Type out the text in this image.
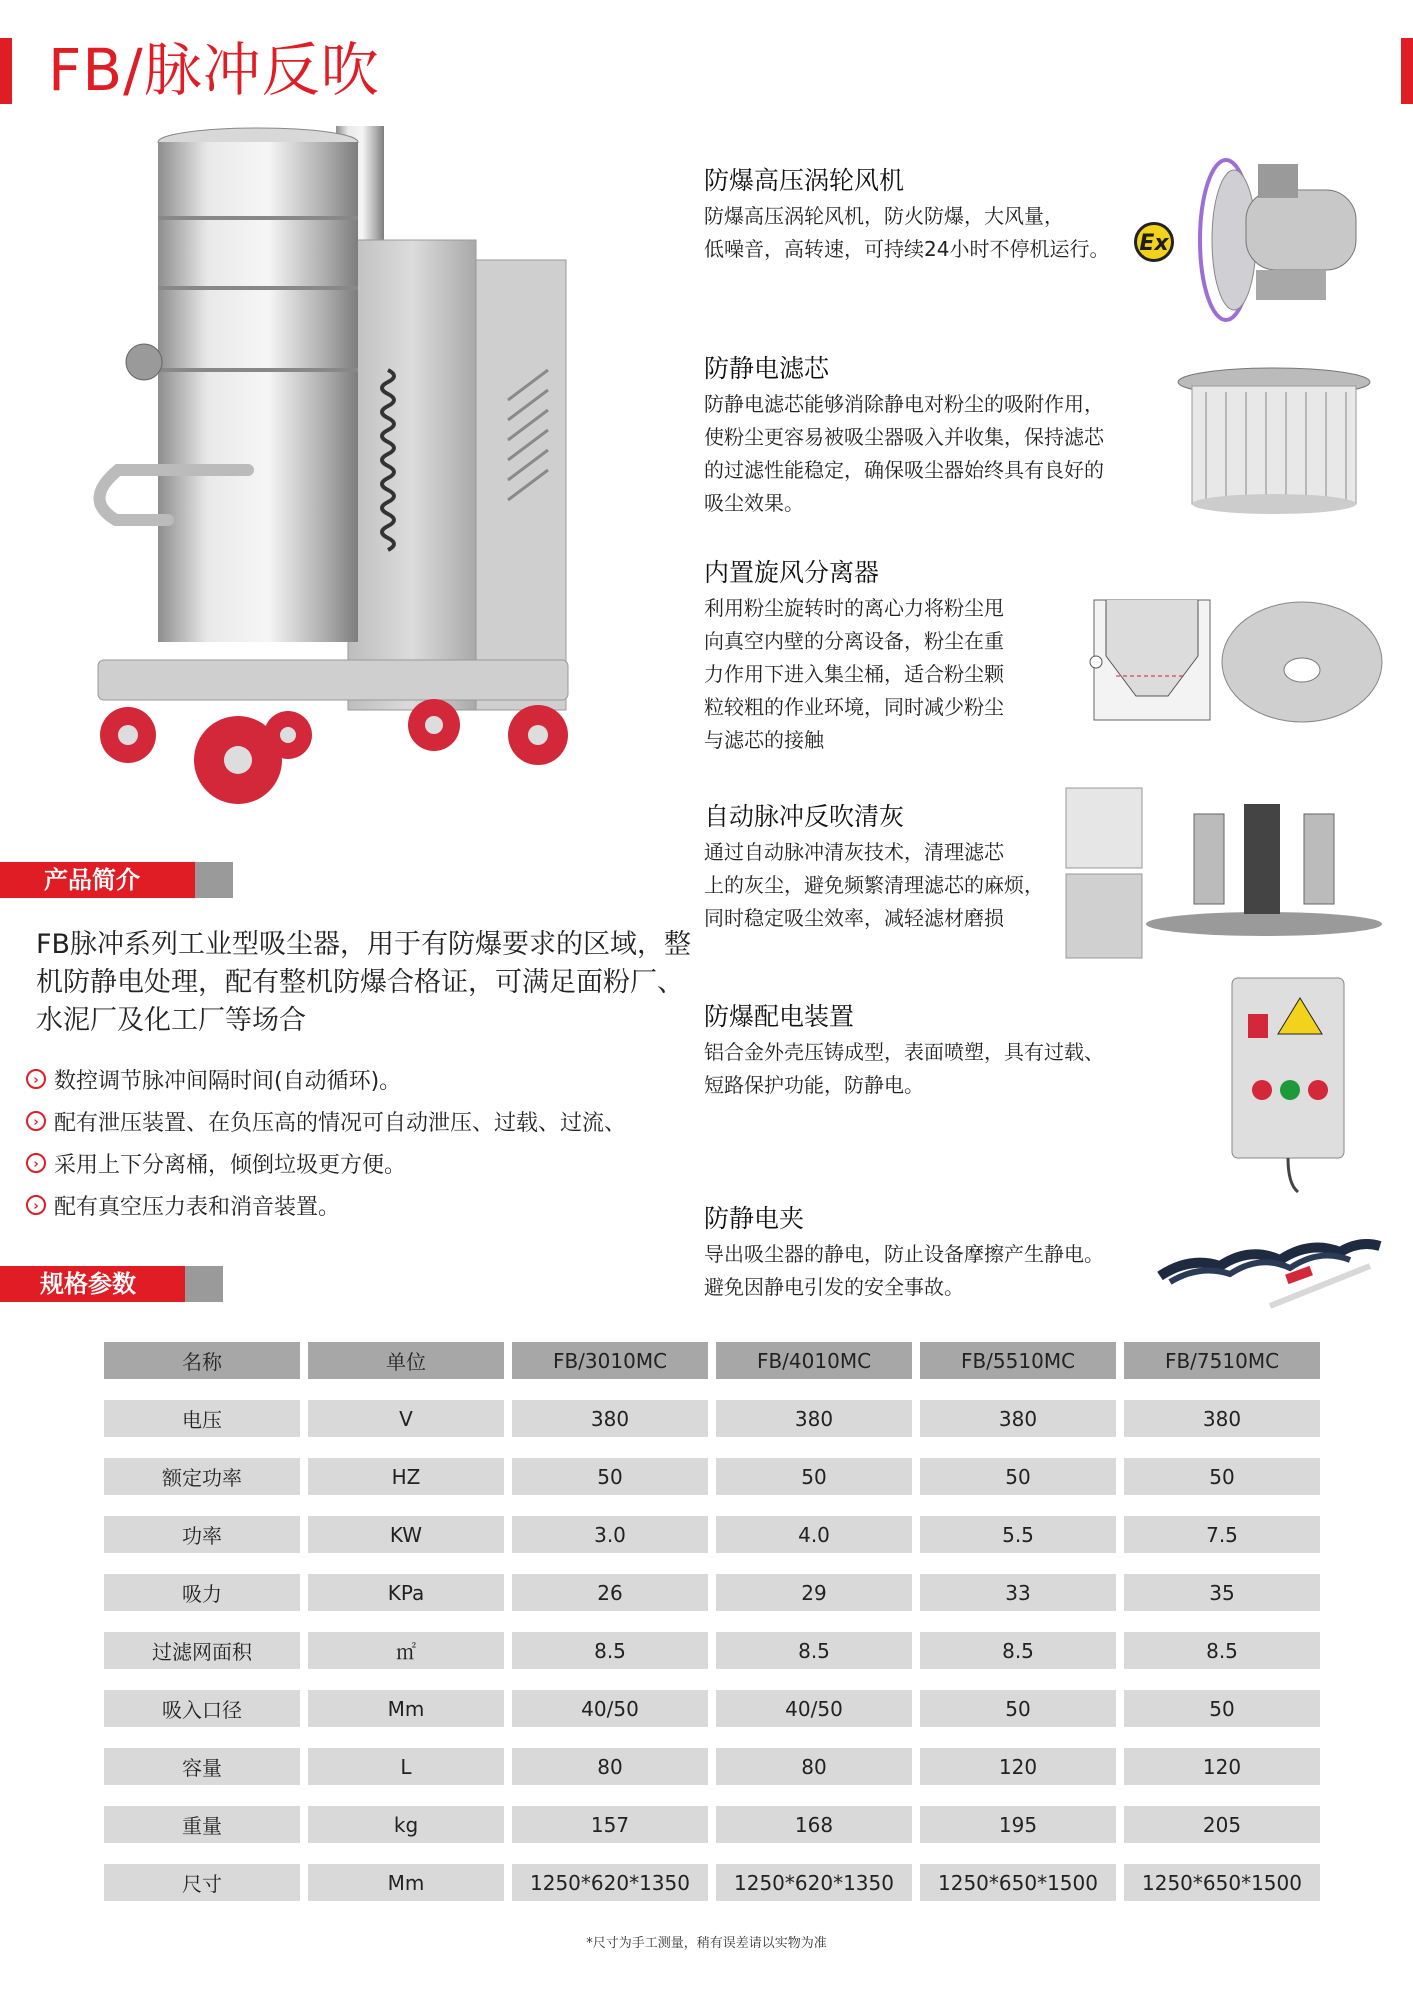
FB/脉冲反吹
产品简介
FB脉冲系列工业型吸尘器，用于有防爆要求的区域，整机防静电处理，配有整机防爆合格证，可满足面粉厂、水泥厂及化工厂等场合
› 数控调节脉冲间隔时间(自动循环)。
› 配有泄压装置、在负压高的情况可自动泄压、过载、过流、
› 采用上下分离桶，倾倒垃圾更方便。
› 配有真空压力表和消音装置。
规格参数
防爆高压涡轮风机

防爆高压涡轮风机，防火防爆，大风量，
低噪音，高转速，可持续24小时不停机运行。	Ex
防静电滤芯

防静电滤芯能够消除静电对粉尘的吸附作用，
使粉尘更容易被吸尘器吸入并收集，保持滤芯
的过滤性能稳定，确保吸尘器始终具有良好的
吸尘效果。

内置旋风分离器

利用粉尘旋转时的离心力将粉尘甩
向真空内壁的分离设备，粉尘在重
力作用下进入集尘桶，适合粉尘颗
粒较粗的作业环境，同时减少粉尘
与滤芯的接触

自动脉冲反吹清灰

通过自动脉冲清灰技术，清理滤芯
上的灰尘，避免频繁清理滤芯的麻烦，
同时稳定吸尘效率，减轻滤材磨损

防爆配电装置

铝合金外壳压铸成型，表面喷塑，具有过载、
短路保护功能，防静电。

防静电夹

导出吸尘器的静电，防止设备摩擦产生静电。
避免因静电引发的安全事故。

名称	单位	FB/3010MC	FB/4010MC	FB/5510MC	FB/7510MC

电压	V	380	380	380	380

额定功率	HZ	50	50	50	50

功率	KW	3.0	4.0	5.5	7.5

吸力	KPa	26	29	33	35

过滤网面积	㎡	8.5	8.5	8.5	8.5

吸入口径	Mm	40/50	40/50	50	50

容量	L	80	80	120	120

重量	kg	157	168	195	205

尺寸	Mm	1250*620*1350	1250*620*1350	1250*650*1500	1250*650*1500
*尺寸为手工测量，稍有误差请以实物为准
